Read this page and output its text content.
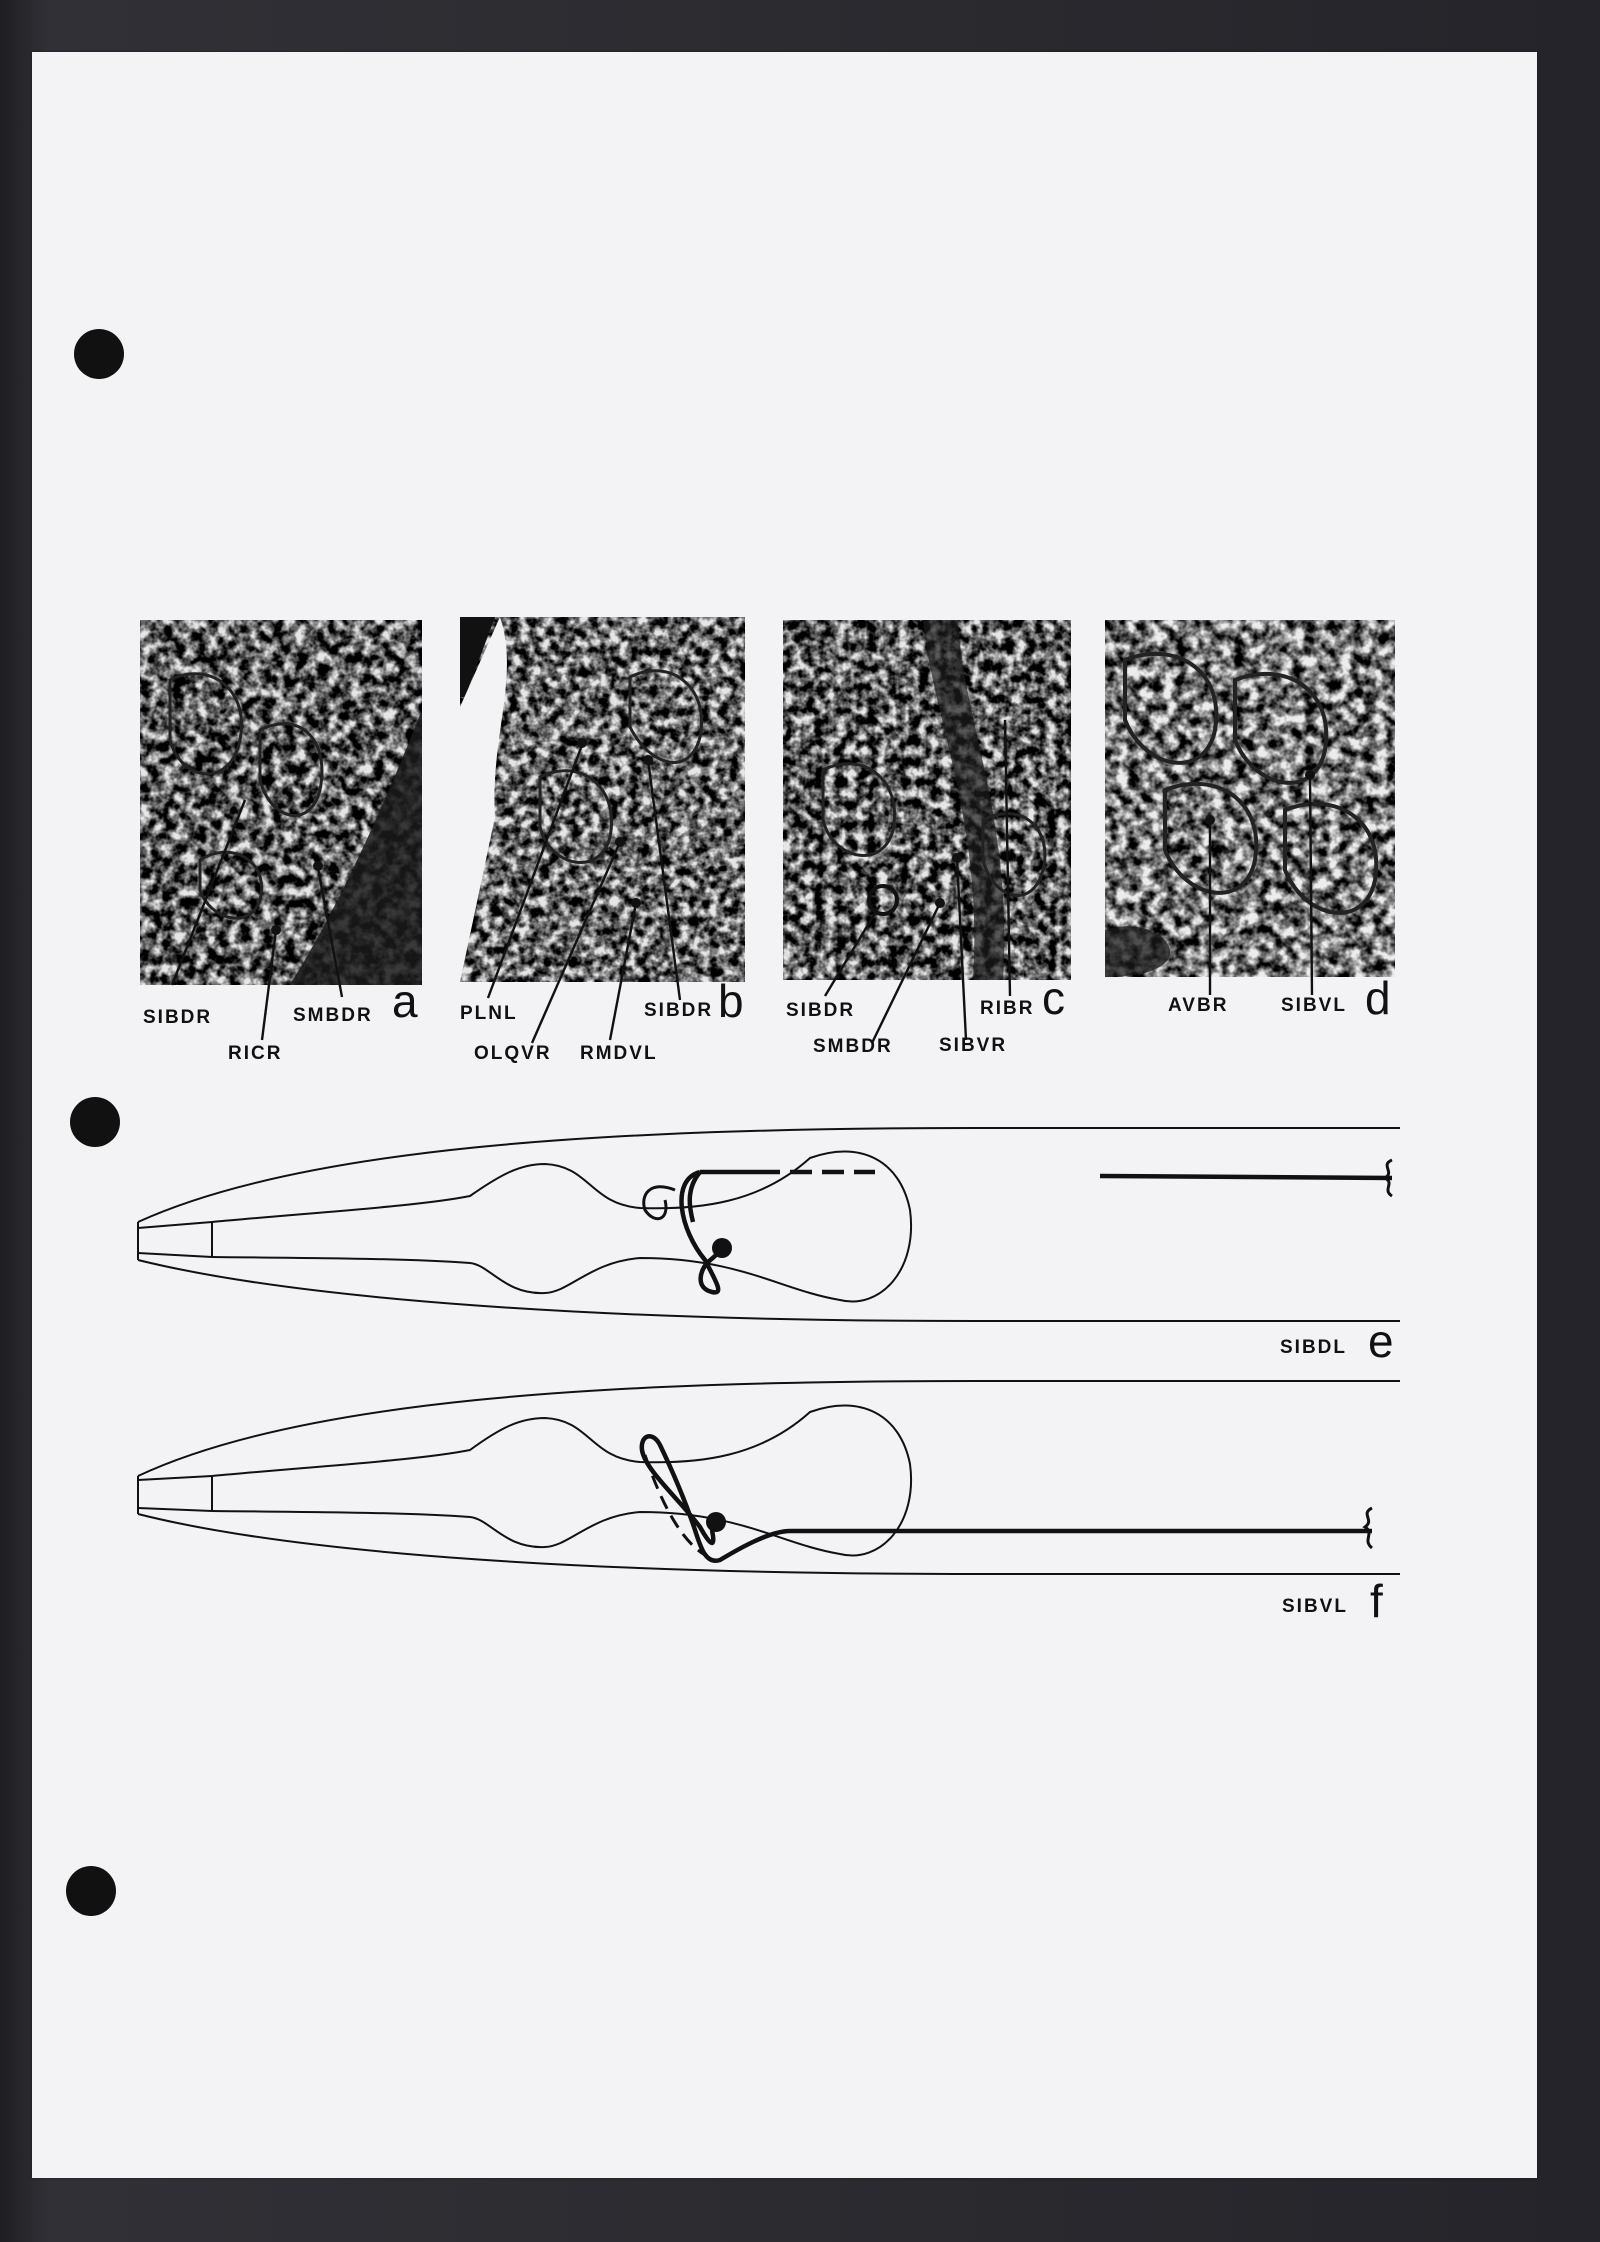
SIBDR
RICR
SMBDR a PLNL
OLQVR RMDVL
SIBDR b SIBDR
SMBDR SIBVR
RIBR c	AVBR	SIBVL d
SIBDL e
SIBVL f
